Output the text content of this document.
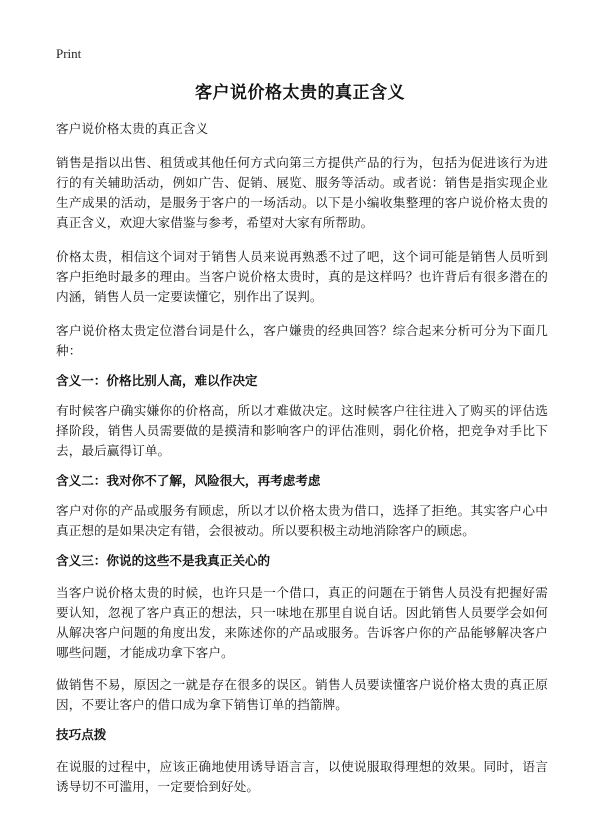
Print
客户说价格太贵的真正含义

客户说价格太贵的真正含义

销售是指以出售、租赁或其他任何方式向第三方提供产品的行为，包括为促进该行为进行的有关辅助活动，例如广告、促销、展览、服务等活动。或者说：销售是指实现企业生产成果的活动，是服务于客户的一场活动。以下是小编收集整理的客户说价格太贵的真正含义，欢迎大家借鉴与参考，希望对大家有所帮助。

价格太贵，相信这个词对于销售人员来说再熟悉不过了吧，这个词可能是销售人员听到客户拒绝时最多的理由。当客户说价格太贵时，真的是这样吗？也许背后有很多潜在的内涵，销售人员一定要读懂它，别作出了误判。

客户说价格太贵定位潜台词是什么，客户嫌贵的经典回答？综合起来分析可分为下面几种：

含义一：价格比别人高，难以作决定

有时候客户确实嫌你的价格高，所以才难做决定。这时候客户往往进入了购买的评估选择阶段，销售人员需要做的是摸清和影响客户的评估准则，弱化价格，把竞争对手比下去，最后赢得订单。

含义二：我对你不了解，风险很大，再考虑考虑

客户对你的产品或服务有顾虑，所以才以价格太贵为借口，选择了拒绝。其实客户心中真正想的是如果决定有错，会很被动。所以要积极主动地消除客户的顾虑。

含义三：你说的这些不是我真正关心的

当客户说价格太贵的时候，也许只是一个借口，真正的问题在于销售人员没有把握好需要认知，忽视了客户真正的想法，只一味地在那里自说自话。因此销售人员要学会如何从解决客户问题的角度出发，来陈述你的产品或服务。告诉客户你的产品能够解决客户哪些问题，才能成功拿下客户。

做销售不易，原因之一就是存在很多的误区。销售人员要读懂客户说价格太贵的真正原因，不要让客户的借口成为拿下销售订单的挡箭牌。

技巧点拨

在说服的过程中，应该正确地使用诱导语言言，以使说服取得理想的效果。同时，语言诱导切不可滥用，一定要恰到好处。
